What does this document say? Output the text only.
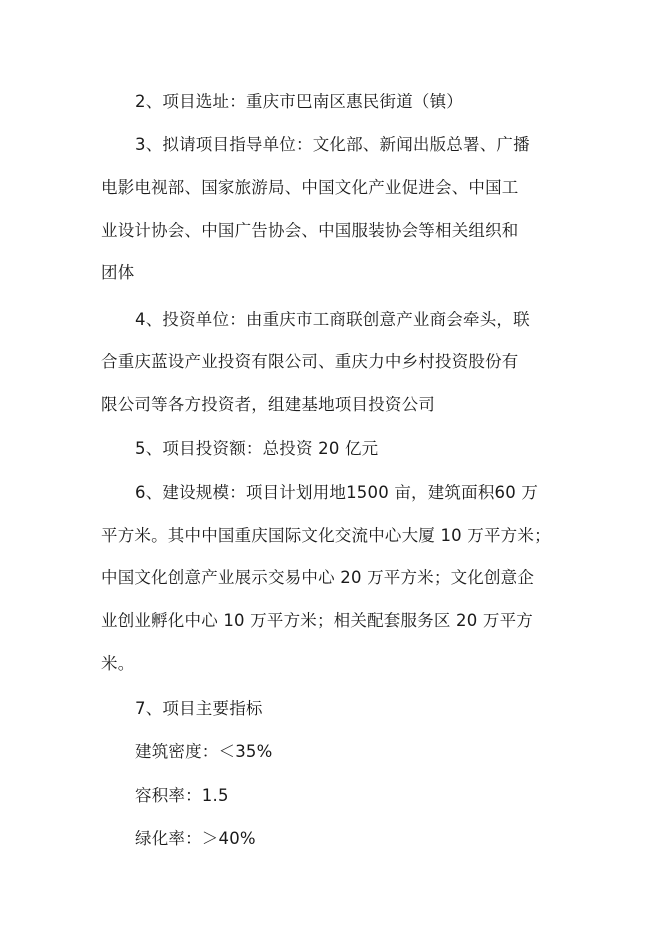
2、项目选址：重庆市巴南区惠民街道（镇）
3、拟请项目指导单位：文化部、新闻出版总署、广播
电影电视部、国家旅游局、中国文化产业促进会、中国工
业设计协会、中国广告协会、中国服装协会等相关组织和
团体
4、投资单位：由重庆市工商联创意产业商会牵头，联
合重庆蓝设产业投资有限公司、重庆力中乡村投资股份有
限公司等各方投资者，组建基地项目投资公司
5、项目投资额：总投资 20 亿元
6、建设规模：项目计划用地1500 亩，建筑面积60 万
平方米。其中中国重庆国际文化交流中心大厦 10 万平方米；
中国文化创意产业展示交易中心 20 万平方米；文化创意企
业创业孵化中心 10 万平方米；相关配套服务区 20 万平方
米。
7、项目主要指标
建筑密度：＜35%
容积率：1.5
绿化率：＞40%
